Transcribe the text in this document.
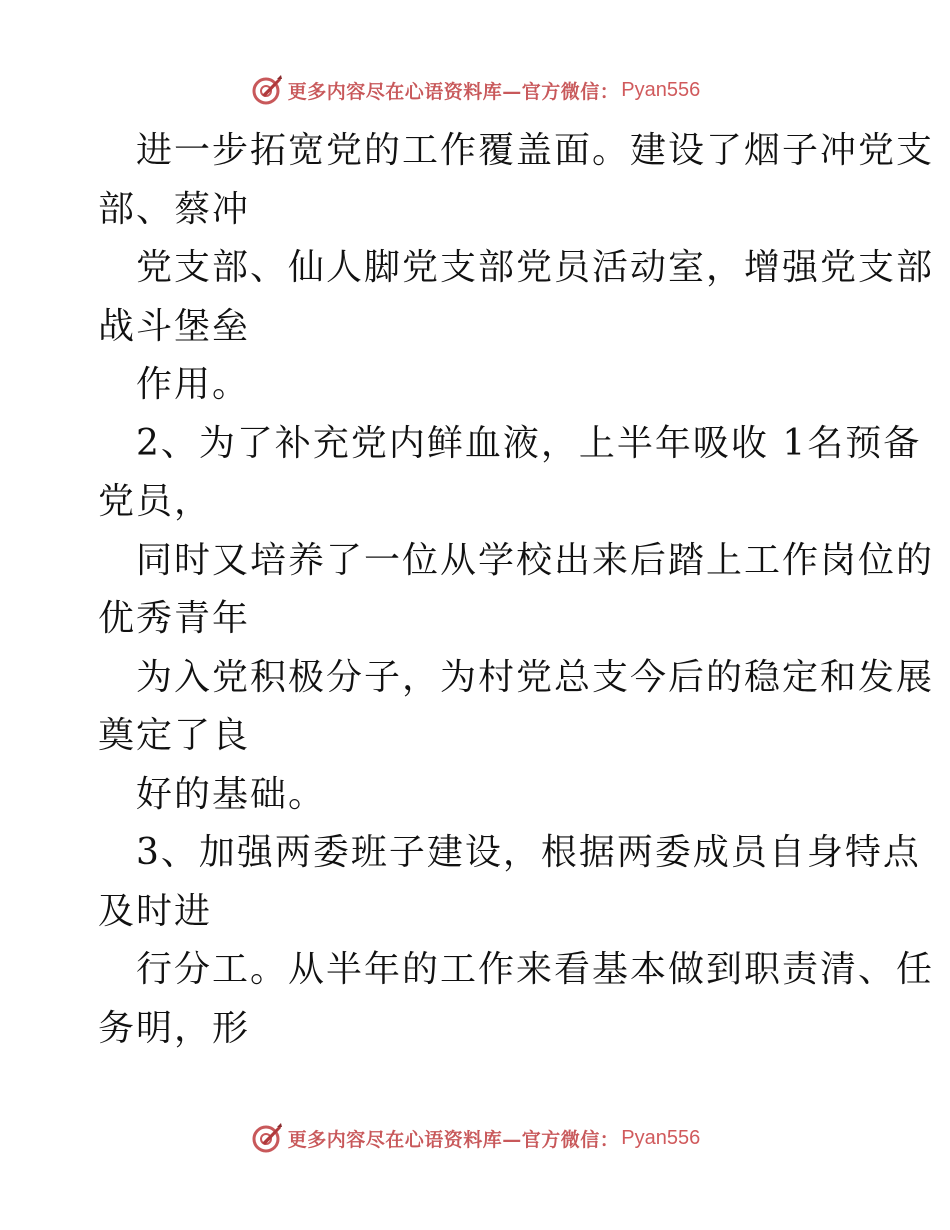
更多内容尽在心语资料库—官方微信： Pyan556
进一步拓宽党的工作覆盖面。建设了烟子冲党支
部、蔡冲
党支部、仙人脚党支部党员活动室，增强党支部
战斗堡垒
作用。
2、为了补充党内鲜血液，上半年吸收 1名预备
党员，
同时又培养了一位从学校出来后踏上工作岗位的
优秀青年
为入党积极分子，为村党总支今后的稳定和发展
奠定了良
好的基础。
3、加强两委班子建设，根据两委成员自身特点
及时进
行分工。从半年的工作来看基本做到职责清、任
务明，形
更多内容尽在心语资料库—官方微信： Pyan556
